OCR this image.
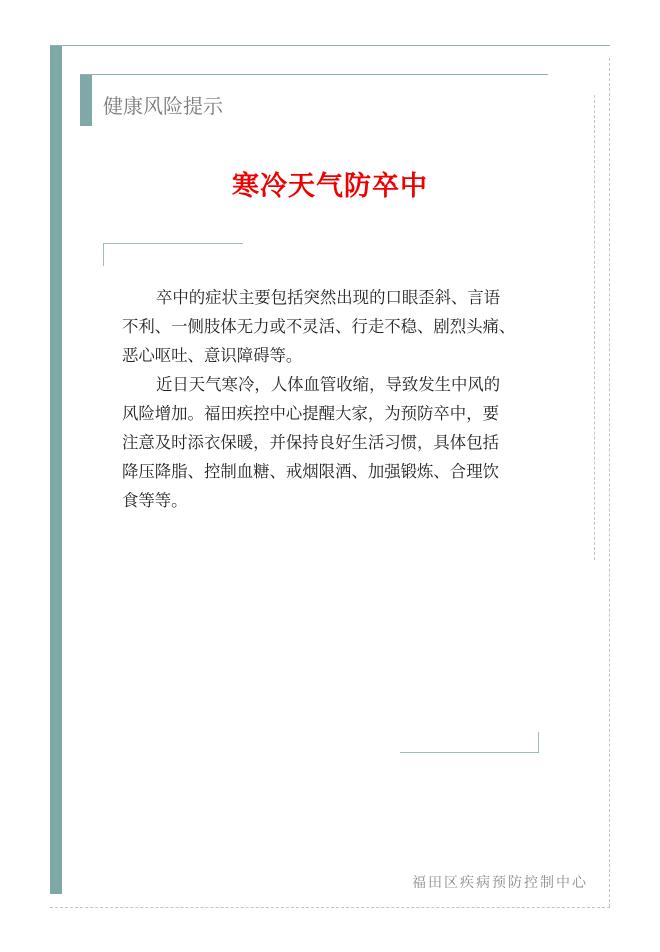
健康风险提示
寒冷天气防卒中
卒中的症状主要包括突然出现的口眼歪斜、言语
不利、一侧肢体无力或不灵活、行走不稳、剧烈头痛、
恶心呕吐、意识障碍等。
近日天气寒冷，人体血管收缩，导致发生中风的
风险增加。福田疾控中心提醒大家，为预防卒中，要
注意及时添衣保暖，并保持良好生活习惯，具体包括
降压降脂、控制血糖、戒烟限酒、加强锻炼、合理饮
食等等。
福田区疾病预防控制中心
